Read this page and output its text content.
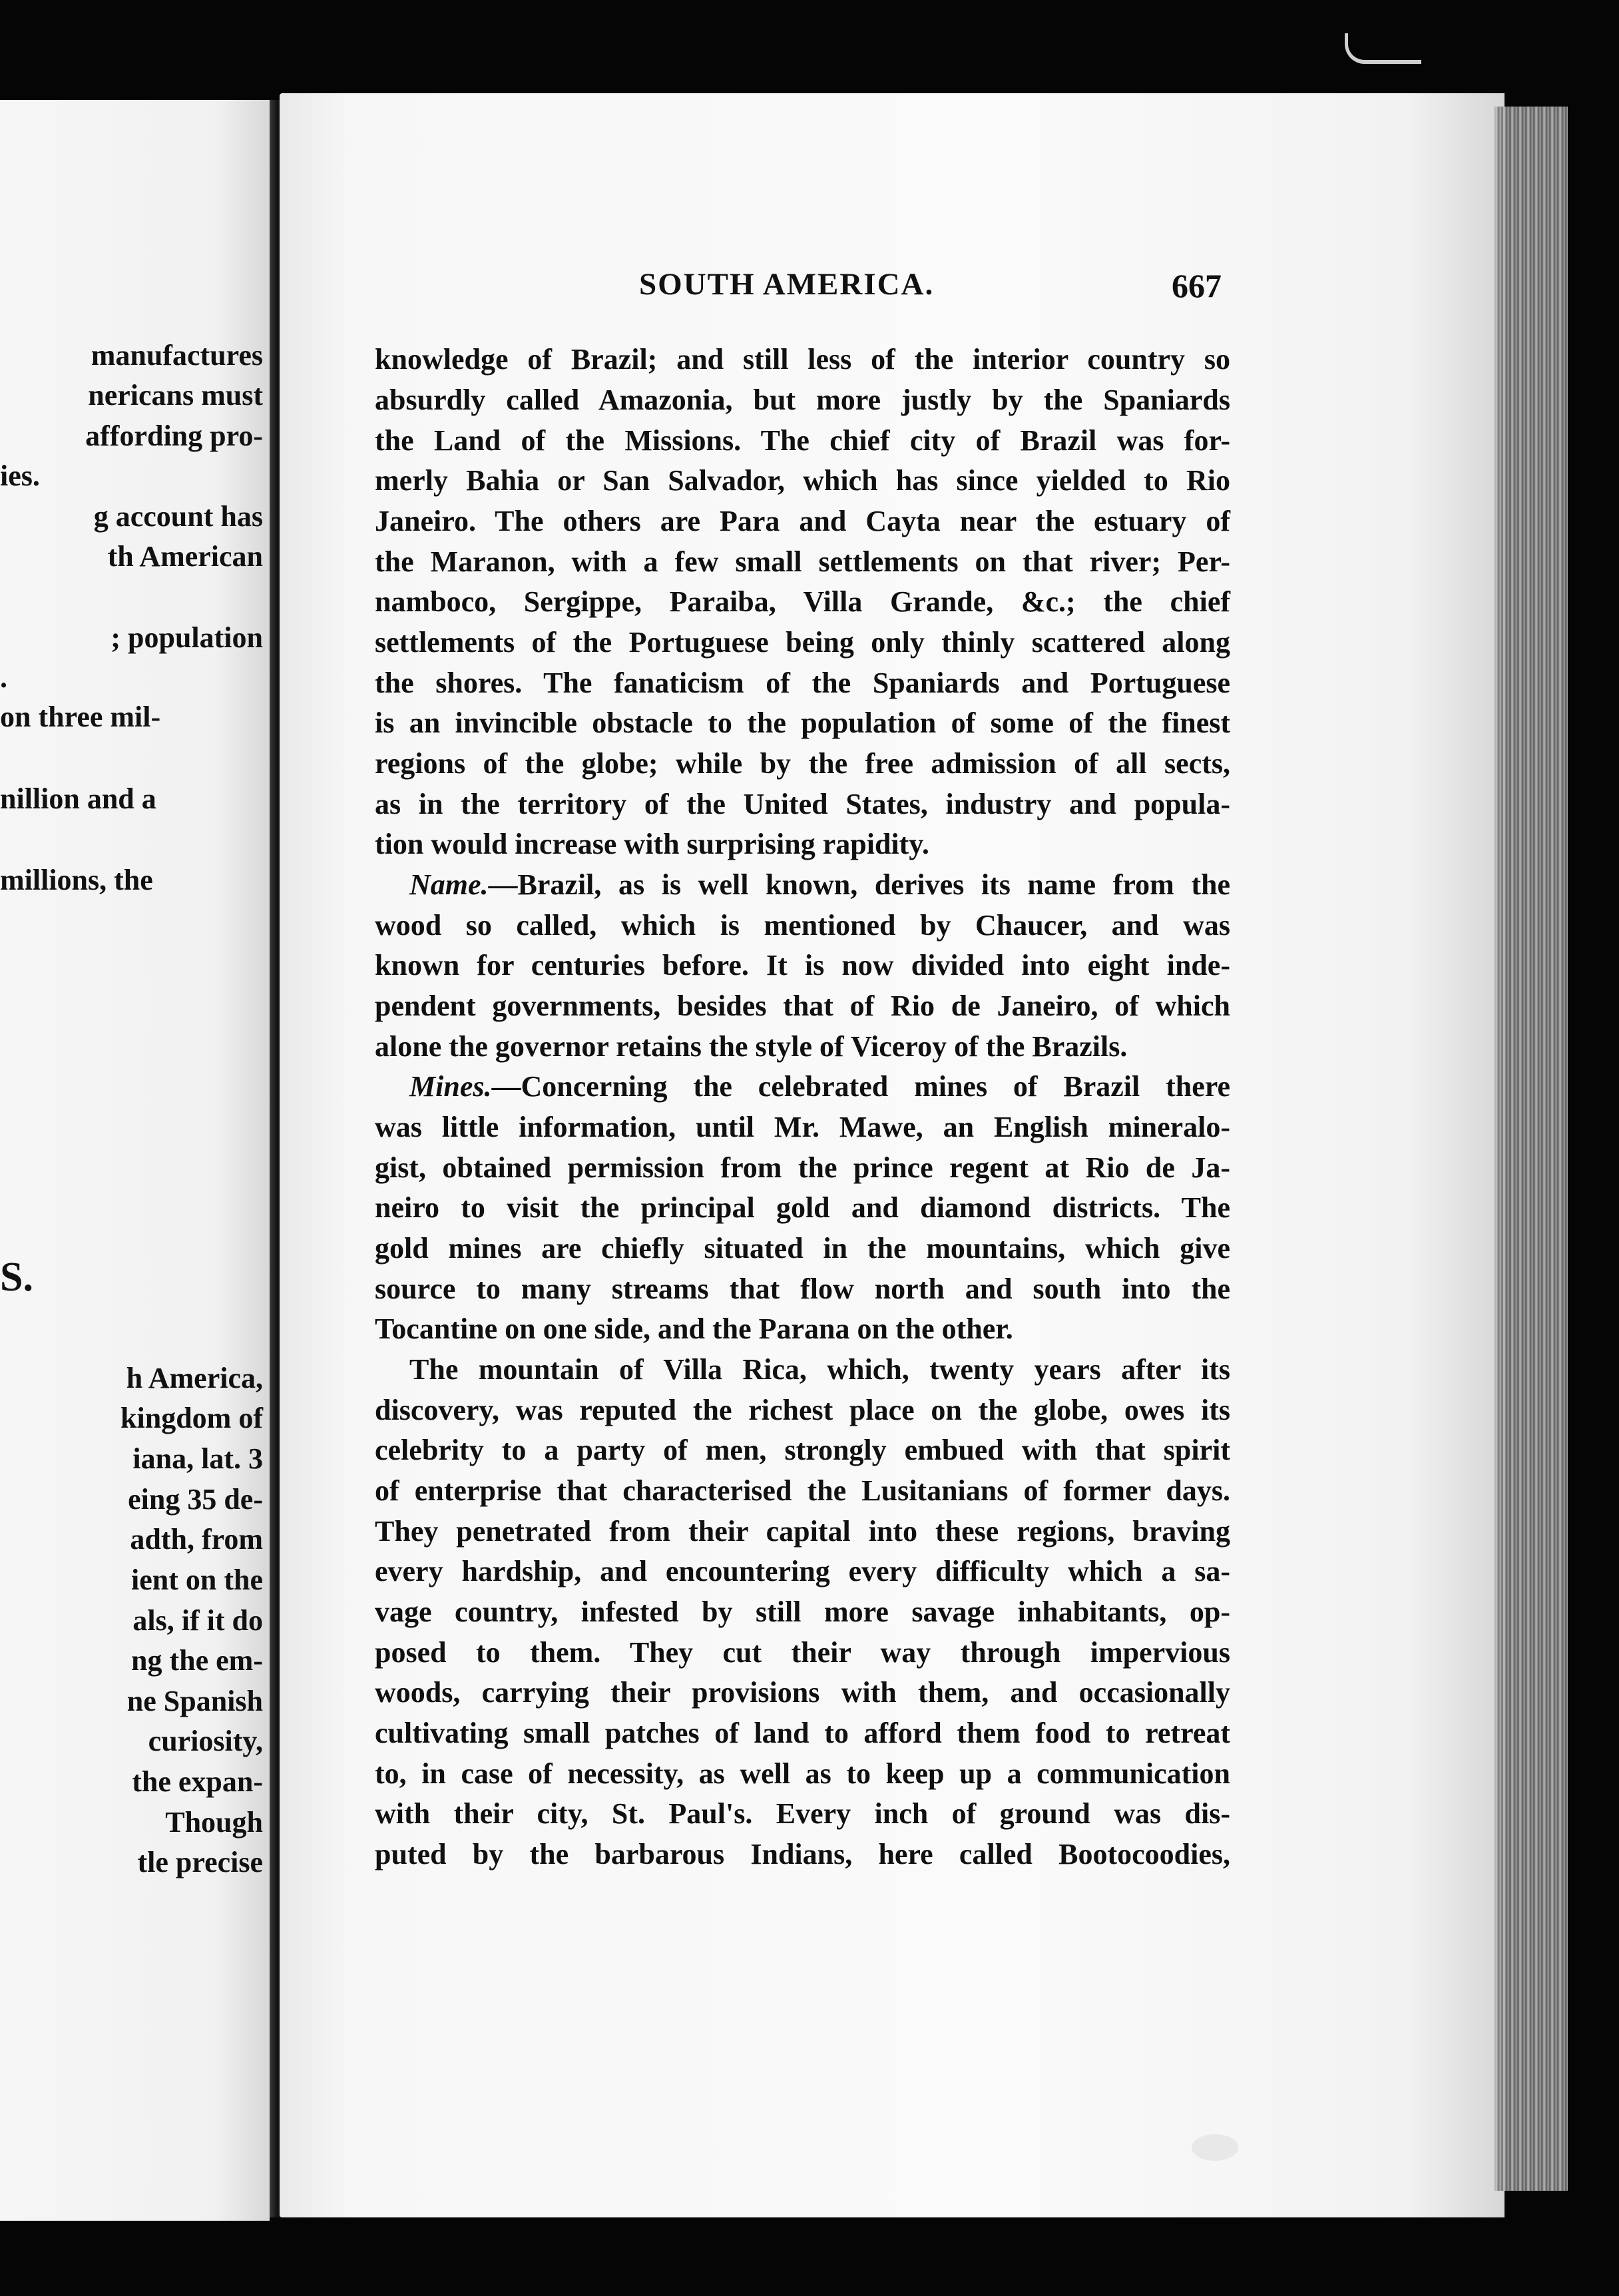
manufactures
nericans must
affording pro-
ies.
g account has
th American
; population
.
on three mil-
nillion and a
millions, the
S.
h America,
kingdom of
iana, lat. 3
eing 35 de-
adth, from
ient on the
als, if it do
ng the em-
ne Spanish
curiosity,
the expan-
Though
tle precise
SOUTH AMERICA.	667
knowledge of Brazil; and still less of the interior country so
absurdly called Amazonia, but more justly by the Spaniards
the Land of the Missions. The chief city of Brazil was for-
merly Bahia or San Salvador, which has since yielded to Rio
Janeiro. The others are Para and Cayta near the estuary of
the Maranon, with a few small settlements on that river; Per-
namboco, Sergippe, Paraiba, Villa Grande, &c.; the chief
settlements of the Portuguese being only thinly scattered along
the shores. The fanaticism of the Spaniards and Portuguese
is an invincible obstacle to the population of some of the finest
regions of the globe; while by the free admission of all sects,
as in the territory of the United States, industry and popula-
tion would increase with surprising rapidity.
Name.—Brazil, as is well known, derives its name from the
wood so called, which is mentioned by Chaucer, and was
known for centuries before. It is now divided into eight inde-
pendent governments, besides that of Rio de Janeiro, of which
alone the governor retains the style of Viceroy of the Brazils.
Mines.—Concerning the celebrated mines of Brazil there
was little information, until Mr. Mawe, an English mineralo-
gist, obtained permission from the prince regent at Rio de Ja-
neiro to visit the principal gold and diamond districts. The
gold mines are chiefly situated in the mountains, which give
source to many streams that flow north and south into the
Tocantine on one side, and the Parana on the other.
The mountain of Villa Rica, which, twenty years after its
discovery, was reputed the richest place on the globe, owes its
celebrity to a party of men, strongly embued with that spirit
of enterprise that characterised the Lusitanians of former days.
They penetrated from their capital into these regions, braving
every hardship, and encountering every difficulty which a sa-
vage country, infested by still more savage inhabitants, op-
posed to them. They cut their way through impervious
woods, carrying their provisions with them, and occasionally
cultivating small patches of land to afford them food to retreat
to, in case of necessity, as well as to keep up a communication
with their city, St. Paul's. Every inch of ground was dis-
puted by the barbarous Indians, here called Bootocoodies,
